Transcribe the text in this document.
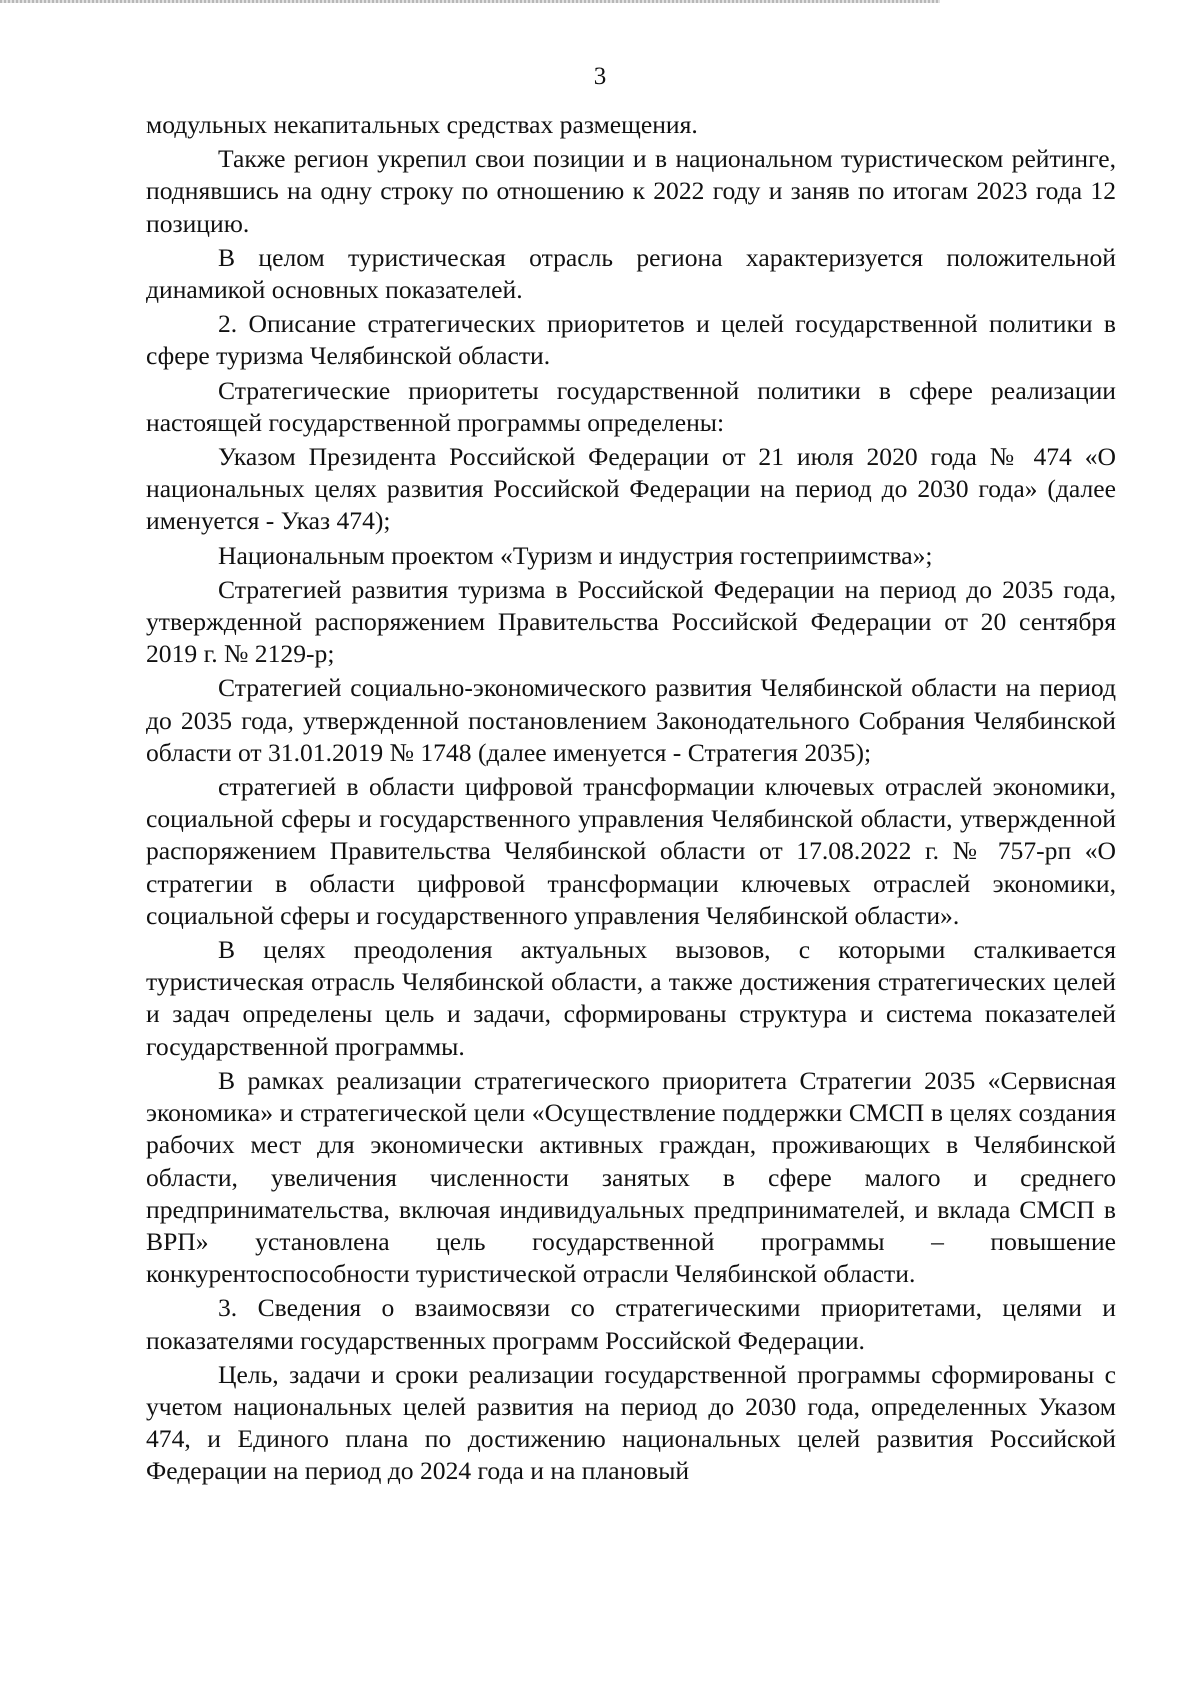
3

модульных некапитальных средствах размещения.

Также регион укрепил свои позиции и в национальном туристическом рейтинге, поднявшись на одну строку по отношению к 2022 году и заняв по итогам 2023 года 12 позицию.

В целом туристическая отрасль региона характеризуется положительной динамикой основных показателей.

2. Описание стратегических приоритетов и целей государственной политики в сфере туризма Челябинской области.

Стратегические приоритеты государственной политики в сфере реализации настоящей государственной программы определены:

Указом Президента Российской Федерации от 21 июля 2020 года № 474 «О национальных целях развития Российской Федерации на период до 2030 года» (далее именуется - Указ 474);

Национальным проектом «Туризм и индустрия гостеприимства»;

Стратегией развития туризма в Российской Федерации на период до 2035 года, утвержденной распоряжением Правительства Российской Федерации от 20 сентября 2019 г. № 2129-р;

Стратегией социально-экономического развития Челябинской области на период до 2035 года, утвержденной постановлением Законодательного Собрания Челябинской области от 31.01.2019 № 1748 (далее именуется - Стратегия 2035);

стратегией в области цифровой трансформации ключевых отраслей экономики, социальной сферы и государственного управления Челябинской области, утвержденной распоряжением Правительства Челябинской области от 17.08.2022 г. № 757-рп «О стратегии в области цифровой трансформации ключевых отраслей экономики, социальной сферы и государственного управления Челябинской области».

В целях преодоления актуальных вызовов, с которыми сталкивается туристическая отрасль Челябинской области, а также достижения стратегических целей и задач определены цель и задачи, сформированы структура и система показателей государственной программы.

В рамках реализации стратегического приоритета Стратегии 2035 «Сервисная экономика» и стратегической цели «Осуществление поддержки СМСП в целях создания рабочих мест для экономически активных граждан, проживающих в Челябинской области, увеличения численности занятых в сфере малого и среднего предпринимательства, включая индивидуальных предпринимателей, и вклада СМСП в ВРП» установлена цель государственной программы – повышение конкурентоспособности туристической отрасли Челябинской области.

3. Сведения о взаимосвязи со стратегическими приоритетами, целями и показателями государственных программ Российской Федерации.

Цель, задачи и сроки реализации государственной программы сформированы с учетом национальных целей развития на период до 2030 года, определенных Указом 474, и Единого плана по достижению национальных целей развития Российской Федерации на период до 2024 года и на плановый
